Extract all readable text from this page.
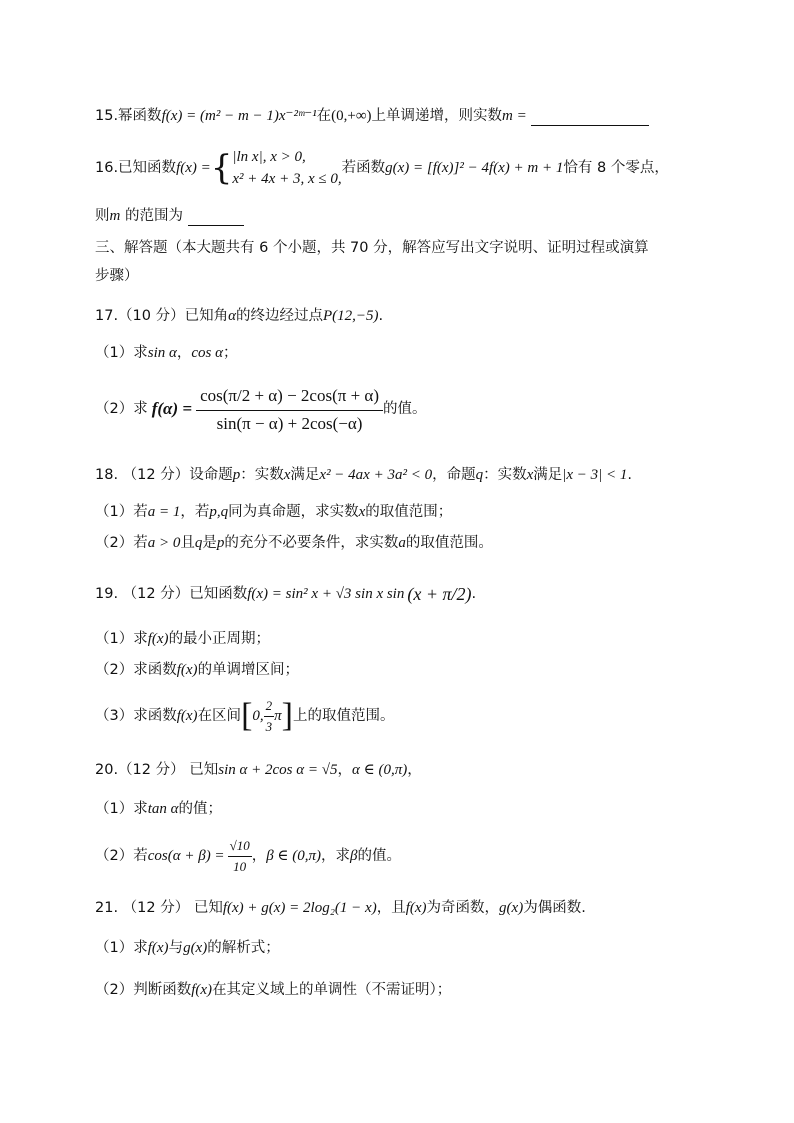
15.幂函数f(x) = (m² − m − 1)x⁻²ᵐ⁻¹在(0,+∞)上单调递增，则实数m =
16.已知函数 f(x) = { |ln x|, x > 0,
x² + 4x + 3, x ≤ 0,
若函数 g(x) = [f(x)]² − 4f(x) + m + 1 恰有 8 个零点，
则m 的范围为
三、解答题（本大题共有 6 个小题，共 70 分，解答应写出文字说明、证明过程或演算
步骤）
17.（10 分）已知角α的终边经过点P(12,−5).
（1）求sin α，cos α；
（2）求 $f(\alpha) = \frac{\cos(\pi/2 + \alpha) - 2\cos(\pi + \alpha)}{\sin(\pi - \alpha) + 2\cos(-\alpha)}$ 的值。
18. （12 分）设命题p：实数x满足x² − 4ax + 3a² < 0，命题q：实数x满足|x − 3| < 1.
（1）若a = 1，若p,q同为真命题，求实数x的取值范围；
（2）若a > 0且q是p的充分不必要条件，求实数a的取值范围。
19. （12 分）已知函数 f(x) = sin² x + √3 sin x sin (x + π/2) .
（1）求f(x)的最小正周期；
（2）求函数f(x)的单调增区间；
（3）求函数 f(x) 在区间 [ 0, $\frac{2}{3}$ π ] 上的取值范围。
20.（12 分） 已知sin α + 2cos α = √5，α ∈ (0,π)，
（1）求tan α的值；
（2）若 $\cos(\alpha + \beta) = \frac{√10}{10}$ ， β ∈ (0,π) ，求 β 的值。
21. （12 分） 已知f(x) + g(x) = 2log₂(1 − x)，且f(x)为奇函数，g(x)为偶函数.
（1）求f(x)与g(x)的解析式；
（2）判断函数f(x)在其定义域上的单调性（不需证明）；
